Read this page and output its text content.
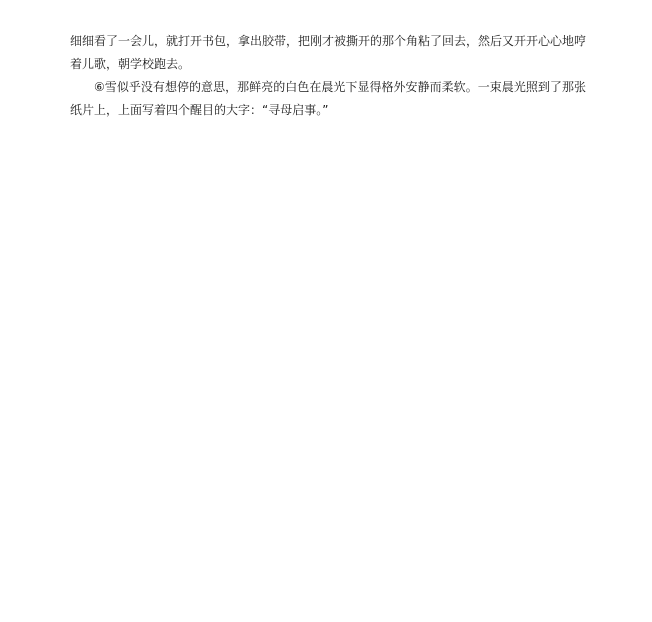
细细看了一会儿，就打开书包，拿出胶带，把刚才被撕开的那个角粘了回去，然后又开开心心地哼着儿歌，朝学校跑去。

⑥雪似乎没有想停的意思，那鲜亮的白色在晨光下显得格外安静而柔软。一束晨光照到了那张纸片上，上面写着四个醒目的大字：“寻母启事。”
